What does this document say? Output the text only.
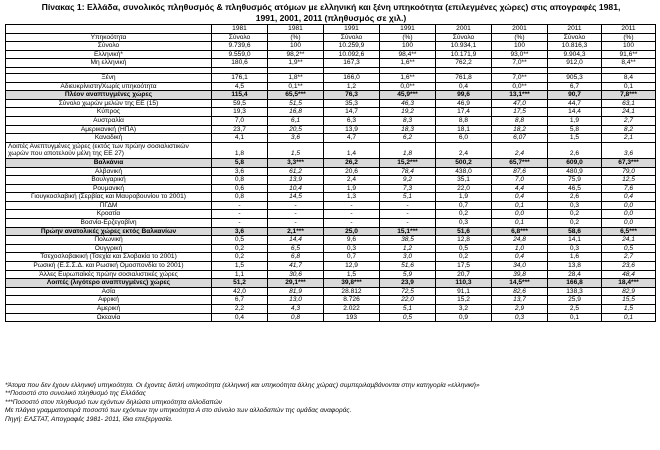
Πίνακας 1: Ελλάδα, συνολικός πληθυσμός & πληθυσμός ατόμων με ελληνική και ξένη υπηκοότητα (επιλεγμένες χώρες) στις απογραφές 1981,
1991, 2001, 2011 (πληθυσμός σε χιλ.)
	1981	1981	1991	1991	2001	2001	2011	2011
Υπηκοότητα	Σύνολο	(%)	Σύνολο	(%)	Σύνολο	(%)	Σύνολο	(%)
Σύνολο	9.739,6	100	10.259,9	100	10.934,1	100	10.816,3	100
Ελληνική*	9.559,0	98,2**	10.092,6	98,4**	10.171,9	93,0**	9.904,3	91,6**
Μη ελληνική	180,6	1,9**	167,3	1,6**	762,2	7,0**	912,0	8,4**

Ξένη	176,1	1,8**	166,0	1,6**	761,8	7,0**	905,3	8,4
Αδιευκρίνιστη/Χωρίς υπηκοότητα	4,5	0,1**	1,2	0,0**	0,4	0,0**	6,7	0,1
Πλέον αναπτυγμένες χώρες	115,4	65,5***	76,3	45,9***	99,6	13,1***	90,7	7,8***
Σύνολο χωρών μελών της ΕΕ (15)	59,5	51,5	35,3	46,3	46,9	47,0	44,7	63,1
Κύπρος	19,3	16,8	14,7	19,2	17,4	17,5	14,4	24,1
Αυστραλία	7,0	6,1	6,3	8,3	8,8	8,8	1,9	2,7
Αμερικανική (ΗΠΑ)	23,7	20,5	13,9	18,3	18,1	18,2	5,8	8,2
Καναδική	4,1	3,6	4,7	6,2	6,0	6,07	1,5	2,1
Λοιπές Ανεπτυγμένες χώρες (εκτός των πρώην σοσιαλιστικών χωρών που αποτελούν μέλη της ΕΕ 27)	1,8	1,5	1,4	1,8	2,4	2,4	2,6	3,6
Βαλκάνια	5,8	3,3***	26,2	15,2***	500,2	65,7***	609,0	67,3***
Αλβανική	3,6	61,2	20,6	78,4	438,0	87,6	480,9	79,0
Βουλγαρική	0,8	13,9	2,4	9,2	35,1	7,0	75,9	12,5
Ρουμανική	0,6	10,4	1,9	7,3	22,0	4,4	46,5	7,6
Γιουγκοσλαβική (Σερβίας και Μαυροβουνίου το 2001)	0,8	14,5	1,3	5,1	1,9	0,4	2,6	0,4
ΠΓΔΜ	-	-	-	-	0,7	0,1	0,3	0,0
Κροατία	-	-	-	-	0,2	0,0	0,2	0,0
Βοσνία-Ερζεγοβίνη	-	-	-	-	0,3	0,1	0,2	0,0
Πρώην ανατολικές χώρες εκτός Βαλκανίων	3,6	2,1***	25,0	15,1***	51,6	6,8***	58,6	6,5***
Πολωνική	0,5	14,4	9,6	38,5	12,8	24,8	14,1	24,1
Ουγγρική	0,2	6,5	0,3	1,2	0,5	1,0	0,3	0,5
Τσεχοσλοβακική (Τσεχία και Σλοβακία το 2001)	0,2	6,8	0,7	3,0	0,2	0,4	1,6	2,7
Ρωσική (Ε.Σ.Σ.Δ. και Ρωσική Ομοσπονδία το 2001)	1,5	41,7	12,9	51,6	17,5	34,0	13,8	23,6
Άλλες Ευρωπαϊκές πρώην σοσιαλιστικές χώρες	1,1	30,6	1,5	5,9	20,7	39,8	28,4	48,4
Λοιπές (λιγότερο αναπτυγμένες) χώρες	51,2	29,1***	39,8***	23,9	110,3	14,5***	166,8	18,4***
Ασία	42,0	81,9	28.812	72,5	91,1	82,6	138,3	82,9
Αφρική	6,7	13,0	8.726	22,0	15,2	13,7	25,9	15,5
Αμερική	2,2	4,3	2.022	5,1	3,2	2,9	2,5	1,5
Ωκεανία	0,4	0,8	193	0,5	0,9	0,3	0,1	0,1
*Άτομα που δεν έχουν ελληνική υπηκοότητα. Οι έχοντες διπλή υπηκοότητα (ελληνική και υπηκοότητα άλλης χώρας) συμπεριλαμβάνονται στην κατηγορία «ελληνική»
**Ποσοστό στο συνολικό πληθυσμό της Ελλάδας
***Ποσοστό στον πληθυσμό των εχόντων δηλώσει υπηκοότητα αλλοδαπών
Με πλάγια γραμματοσειρά ποσοστό των εχόντων την υπηκοότητα Α στο σύνολο των αλλοδαπών της ομάδας αναφοράς.
Πηγή: ΕΛΣΤΑΤ, Απογραφές 1981- 2011, ίδια επεξεργασία.
